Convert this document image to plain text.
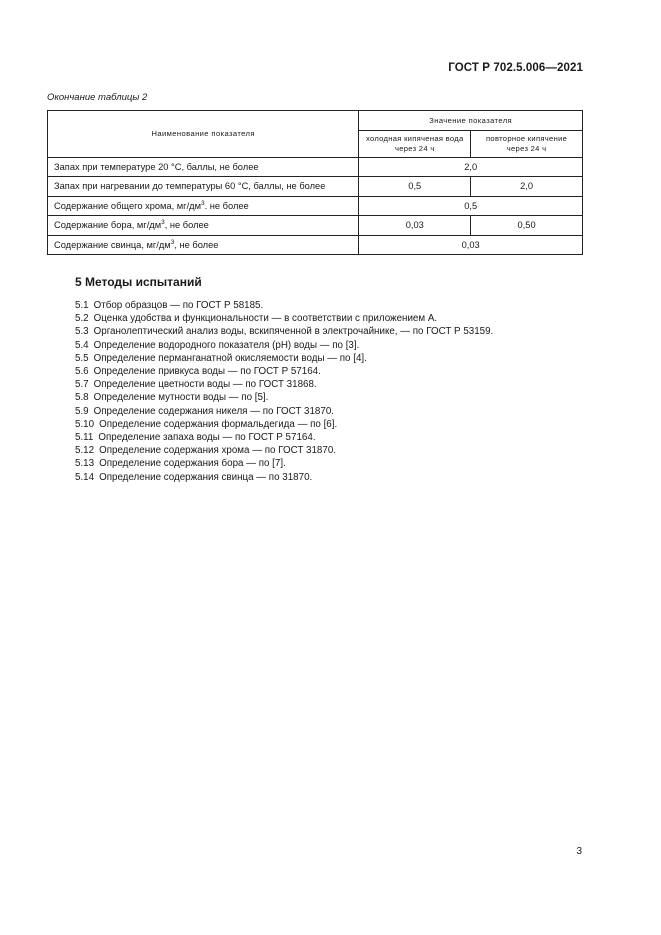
ГОСТ Р 702.5.006—2021
Окончание таблицы 2
Наименование показателя	Значение показателя	
	холодная кипяченая вода через 24 ч	повторное кипячение через 24 ч
Запах при температуре 20 °С, баллы, не более	2,0	
Запах при нагревании до температуры 60 °С, баллы, не более	0,5	2,0
Содержание общего хрома, $мг/дм^3$. не более	0,5	
Содержание бора, $мг/дм^3$, не более	0,03	0,50
Содержание свинца, $мг/дм^3$, не более	0,03	
5 Методы испытаний
5.1 Отбор образцов — по ГОСТ Р 58185.
5.2 Оценка удобства и функциональности — в соответствии с приложением А.
5.3 Органолептический анализ воды, вскипяченной в электрочайнике, — по ГОСТ Р 53159.
5.4 Определение водородного показателя (рН) воды — по [3].
5.5 Определение перманганатной окисляемости воды — по [4].
5.6 Определение привкуса воды — по ГОСТ Р 57164.
5.7 Определение цветности воды — по ГОСТ 31868.
5.8 Определение мутности воды — по [5].
5.9 Определение содержания никеля — по ГОСТ 31870.
5.10 Определение содержания формальдегида — по [6].
5.11 Определение запаха воды — по ГОСТ Р 57164.
5.12 Определение содержания хрома — по ГОСТ 31870.
5.13 Определение содержания бора — по [7].
5.14 Определение содержания свинца — по 31870.
3
